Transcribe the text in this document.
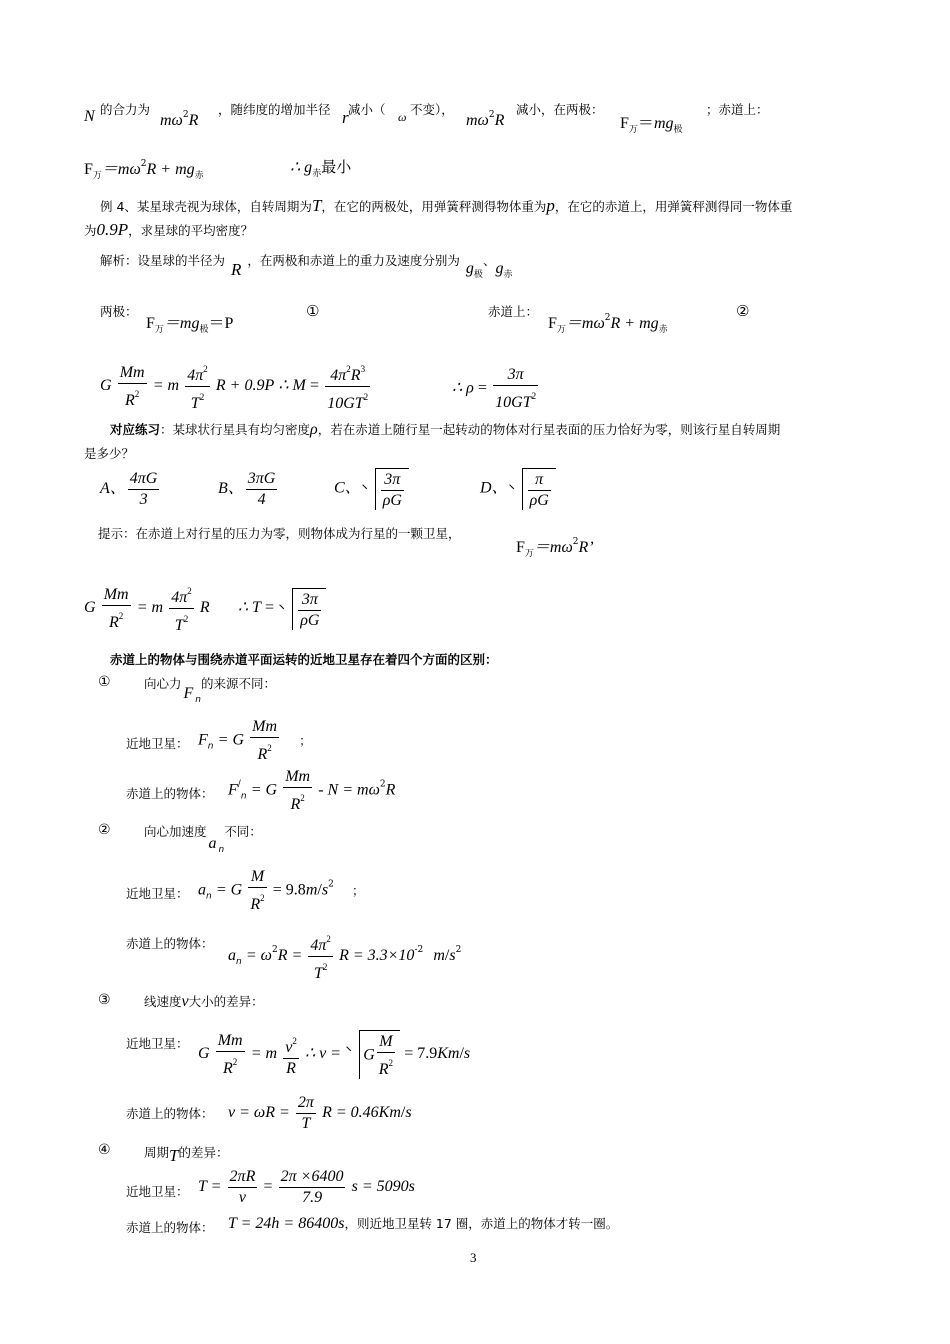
N 的合力为
$m\omega^2R$
，随纬度的增加半径 r 减小（ ω 不变），
$m\omega^2R$
减小，在两极：
$F_万=mg_极$
；赤道上：
$F_万=m\omega^2R + mg_赤$	∴ $g_赤$最小
例 4、某星球壳视为球体，自转周期为T，在它的两极处，用弹簧秤测得物体重为p，在它的赤道上，用弹簧秤测得同一物体重
为0.9P，求星球的平均密度？
解析：设星球的半径为 R ，在两极和赤道上的重力及速度分别为 $g_极$、$g_赤$
两极：
$F_万=mg_极=P$
①	赤道上：
$F_万=m\omega^2R + mg_赤$
②
G $\frac{Mm}{R^2} = m \frac{4\pi^2}{T^2}$ R + 0.9P ∴ $M = \frac{4\pi^2R^3}{10GT^2}$	∴ $\rho = \frac{3\pi}{10GT^2}$
对应练习：某球状行星具有均匀密度ρ，若在赤道上随行星一起转动的物体对行星表面的压力恰好为零，则该行星自转周期
是多少？
A、 $\frac{4\pi G}{3}$	B、 $\frac{3\pi G}{4}$	C、 $\frac{3\pi}{\rho G}$	D、 $\frac{\pi}{\rho G}$
提示：在赤道上对行星的压力为零，则物体成为行星的一颗卫星，
$F_万=m\omega^2R$’
G $\frac{Mm}{R^2} = m \frac{4\pi^2}{T^2}$ R ∴ $T = \frac{3\pi}{\rho G}$
赤道上的物体与围绕赤道平面运转的近地卫星存在着四个方面的区别：
①	向心力F $_n$的来源不同：
近地卫星： $F_n = G \frac{Mm}{R^2}$ ；
赤道上的物体： $F^/_n = G \frac{Mm}{R^2} - N = m\omega^2R$
②	向心加速度a $_n$不同：
近地卫星： $a_n = G \frac{M}{R^2} = 9.8m/s^2$ ；
赤道上的物体：
$a_n = \omega^2R = \frac{4\pi^2}{T^2}$ $R = 3.3\times 10^{-2}$ $m/s^2$
③	线速度v大小的差异：
近地卫星：
G $\frac{Mm}{R^2} = m \frac{v^2}{R}$ ∴ v = G $\frac{M}{R^2} = 7.9Km/s$
赤道上的物体： $v = \omega R = \frac{2\pi}{T}$ R = 0.46Km/s
④	周期T的差异：
近地卫星： $T = \frac{2\pi R}{v} = \frac{2\pi \times 6400}{7.9}$ s = 5090s
赤道上的物体： T = 24h = 86400s，则近地卫星转 17 圈，赤道上的物体才转一圈。
3
